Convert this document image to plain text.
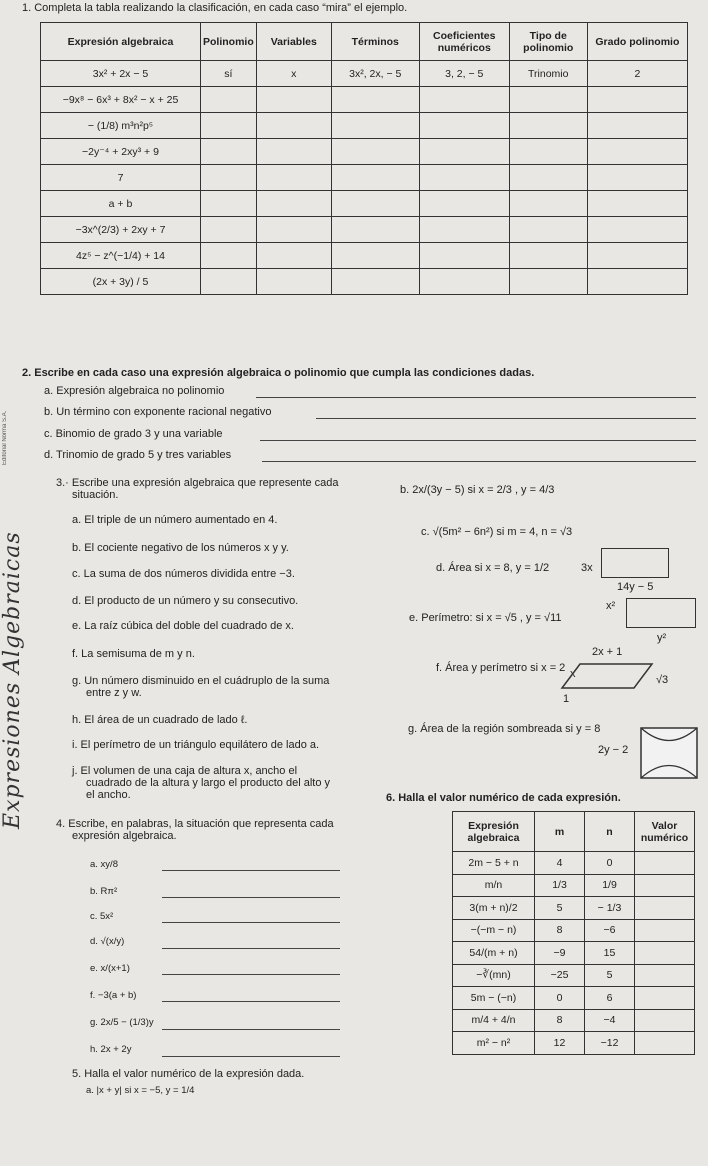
1. Completa la tabla realizando la clasificación, en cada caso “mira” el ejemplo.
Expresión algebraica	Polinomio	Variables	Términos	Coeficientes numéricos	Tipo de polinomio	Grado polinomio
3x² + 2x − 5	sí	x	3x², 2x, − 5	3, 2, − 5	Trinomio	2
−9x⁸ − 6x³ + 8x² − x + 25						
− (1/8) m³n²p⁵						
−2y⁻⁴ + 2xy³ + 9						
7						
a + b						
−3x^(2/3) + 2xy + 7						
4z⁵ − z^(−1/4) + 14						
(2x + 3y) / 5						
2. Escribe en cada caso una expresión algebraica o polinomio que cumpla las condiciones dadas.
a. Expresión algebraica no polinomio
b. Un término con exponente racional negativo
c. Binomio de grado 3 y una variable
d. Trinomio de grado 5 y tres variables
Editorial Norma S.A.
Expresiones Algebraicas
3.· Escribe una expresión algebraica que represente cada
situación.
a. El triple de un número aumentado en 4.
b. El cociente negativo de los números x y y.
c. La suma de dos números dividida entre −3.
d. El producto de un número y su consecutivo.
e. La raíz cúbica del doble del cuadrado de x.
f. La semisuma de m y n.
g. Un número disminuido en el cuádruplo de la suma
entre z y w.
h. El área de un cuadrado de lado ℓ.
i. El perímetro de un triángulo equilátero de lado a.
j. El volumen de una caja de altura x, ancho el
cuadrado de la altura y largo el producto del alto y
el ancho.
b. 2x/(3y − 5) si x = 2/3 , y = 4/3
c. √(5m² − 6n²) si m = 4, n = √3
d. Área si x = 8, y = 1/2	3x
14y − 5
e. Perímetro: si x = √5 , y = √11
x²
y²
2x + 1
f. Área y perímetro si x = 2 x	√3
1
g. Área de la región sombreada si y = 8
2y − 2
6. Halla el valor numérico de cada expresión.
4. Escribe, en palabras, la situación que representa cada
expresión algebraica.
a. xy/8
b. Rπ²
c. 5x²
d. √(x/y)
e. x/(x+1)
f. −3(a + b)
g. 2x/5 − (1/3)y
h. 2x + 2y
5. Halla el valor numérico de la expresión dada.
a. |x + y| si x = −5, y = 1/4
Expresión algebraica	m	n	Valor numérico
2m − 5 + n	4	0	
m/n	1/3	1/9	
3(m + n)/2	5	− 1/3	
−(−m − n)	8	−6	
54/(m + n)	−9	15	
−∛(mn)	−25	5	
5m − (−n)	0	6	
m/4 + 4/n	8	−4	
m² − n²	12	−12	
